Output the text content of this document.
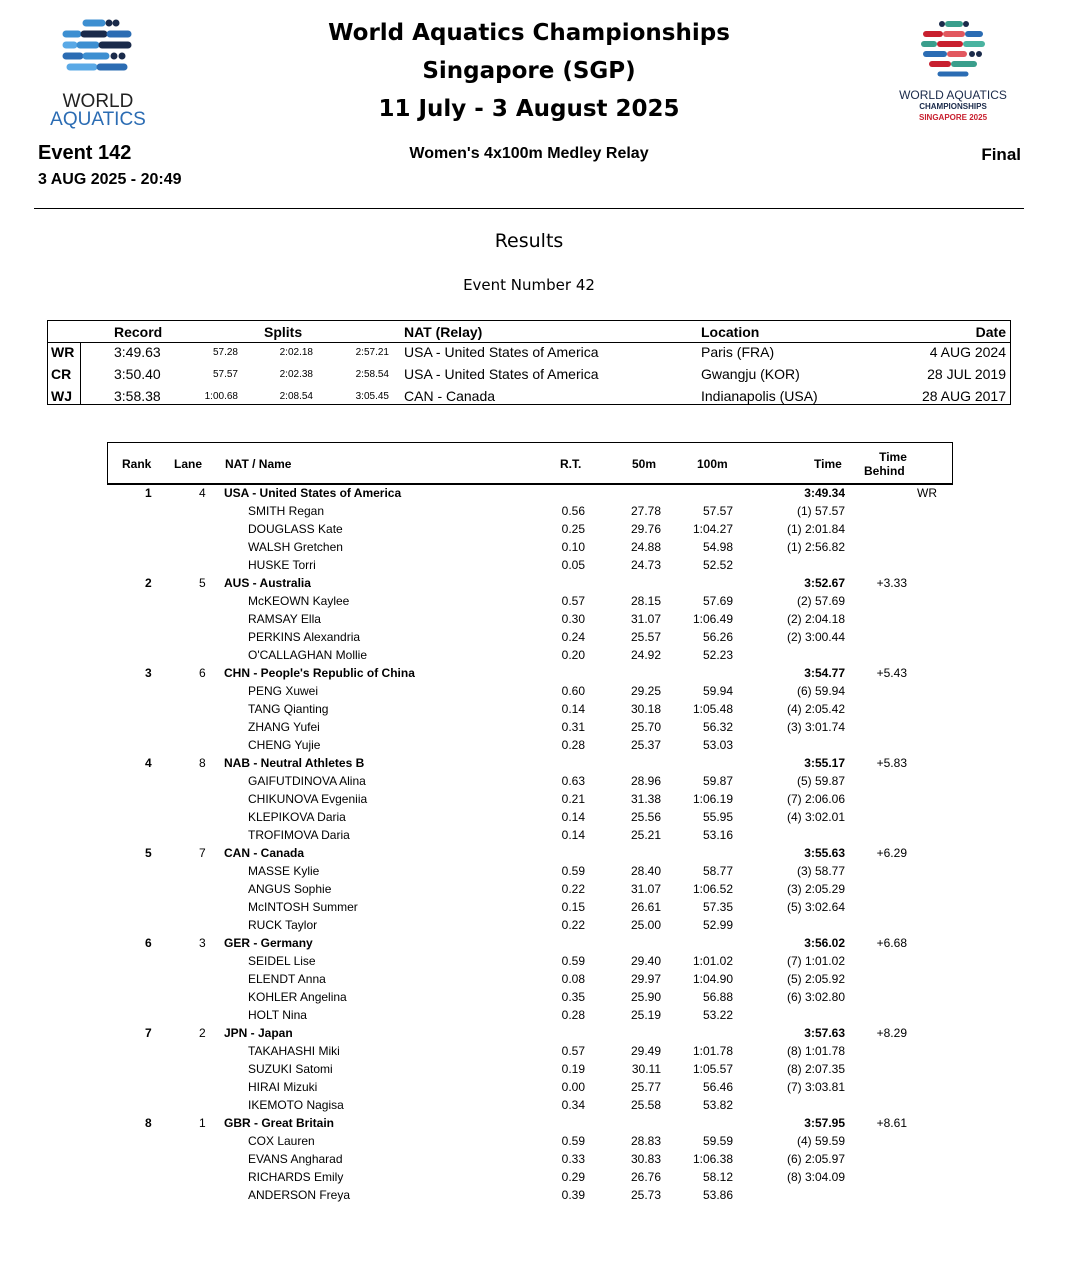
WORLD
AQUATICS
WORLD AQUATICS
CHAMPIONSHIPS
SINGAPORE 2025
World Aquatics Championships
Singapore (SGP)
11 July - 3 August 2025
Event 142
3 AUG 2025 - 20:49
Women's 4x100m Medley Relay	Final
Results
Event Number 42
Record	Splits	NAT (Relay)	Location	Date
WR	3:49.63	57.28	2:02.18	2:57.21 USA - United States of America	Paris (FRA)	4 AUG 2024
CR	3:50.40	57.57	2:02.38	2:58.54 USA - United States of America	Gwangju (KOR)	28 JUL 2019
WJ	3:58.38	1:00.68	2:08.54	3:05.45 CAN - Canada	Indianapolis (USA)	28 AUG 2017
Rank Lane NAT / Name	R.T.	50m	100m	Time	Time
Behind
1	4 USA - United States of America	3:49.34	WR
SMITH Regan	0.56	27.78	57.57	(1) 57.57
DOUGLASS Kate	0.25	29.76	1:04.27	(1) 2:01.84
WALSH Gretchen	0.10	24.88	54.98	(1) 2:56.82
HUSKE Torri	0.05	24.73	52.52
2	5 AUS - Australia	3:52.67	+3.33
McKEOWN Kaylee	0.57	28.15	57.69	(2) 57.69
RAMSAY Ella	0.30	31.07	1:06.49	(2) 2:04.18
PERKINS Alexandria	0.24	25.57	56.26	(2) 3:00.44
O'CALLAGHAN Mollie	0.20	24.92	52.23
3	6 CHN - People's Republic of China	3:54.77	+5.43
PENG Xuwei	0.60	29.25	59.94	(6) 59.94
TANG Qianting	0.14	30.18	1:05.48	(4) 2:05.42
ZHANG Yufei	0.31	25.70	56.32	(3) 3:01.74
CHENG Yujie	0.28	25.37	53.03
4	8 NAB - Neutral Athletes B	3:55.17	+5.83
GAIFUTDINOVA Alina	0.63	28.96	59.87	(5) 59.87
CHIKUNOVA Evgeniia	0.21	31.38	1:06.19	(7) 2:06.06
KLEPIKOVA Daria	0.14	25.56	55.95	(4) 3:02.01
TROFIMOVA Daria	0.14	25.21	53.16
5	7 CAN - Canada	3:55.63	+6.29
MASSE Kylie	0.59	28.40	58.77	(3) 58.77
ANGUS Sophie	0.22	31.07	1:06.52	(3) 2:05.29
McINTOSH Summer	0.15	26.61	57.35	(5) 3:02.64
RUCK Taylor	0.22	25.00	52.99
6	3 GER - Germany	3:56.02	+6.68
SEIDEL Lise	0.59	29.40	1:01.02	(7) 1:01.02
ELENDT Anna	0.08	29.97	1:04.90	(5) 2:05.92
KOHLER Angelina	0.35	25.90	56.88	(6) 3:02.80
HOLT Nina	0.28	25.19	53.22
7	2 JPN - Japan	3:57.63	+8.29
TAKAHASHI Miki	0.57	29.49	1:01.78	(8) 1:01.78
SUZUKI Satomi	0.19	30.11	1:05.57	(8) 2:07.35
HIRAI Mizuki	0.00	25.77	56.46	(7) 3:03.81
IKEMOTO Nagisa	0.34	25.58	53.82
8	1 GBR - Great Britain	3:57.95	+8.61
COX Lauren	0.59	28.83	59.59	(4) 59.59
EVANS Angharad	0.33	30.83	1:06.38	(6) 2:05.97
RICHARDS Emily	0.29	26.76	58.12	(8) 3:04.09
ANDERSON Freya	0.39	25.73	53.86
